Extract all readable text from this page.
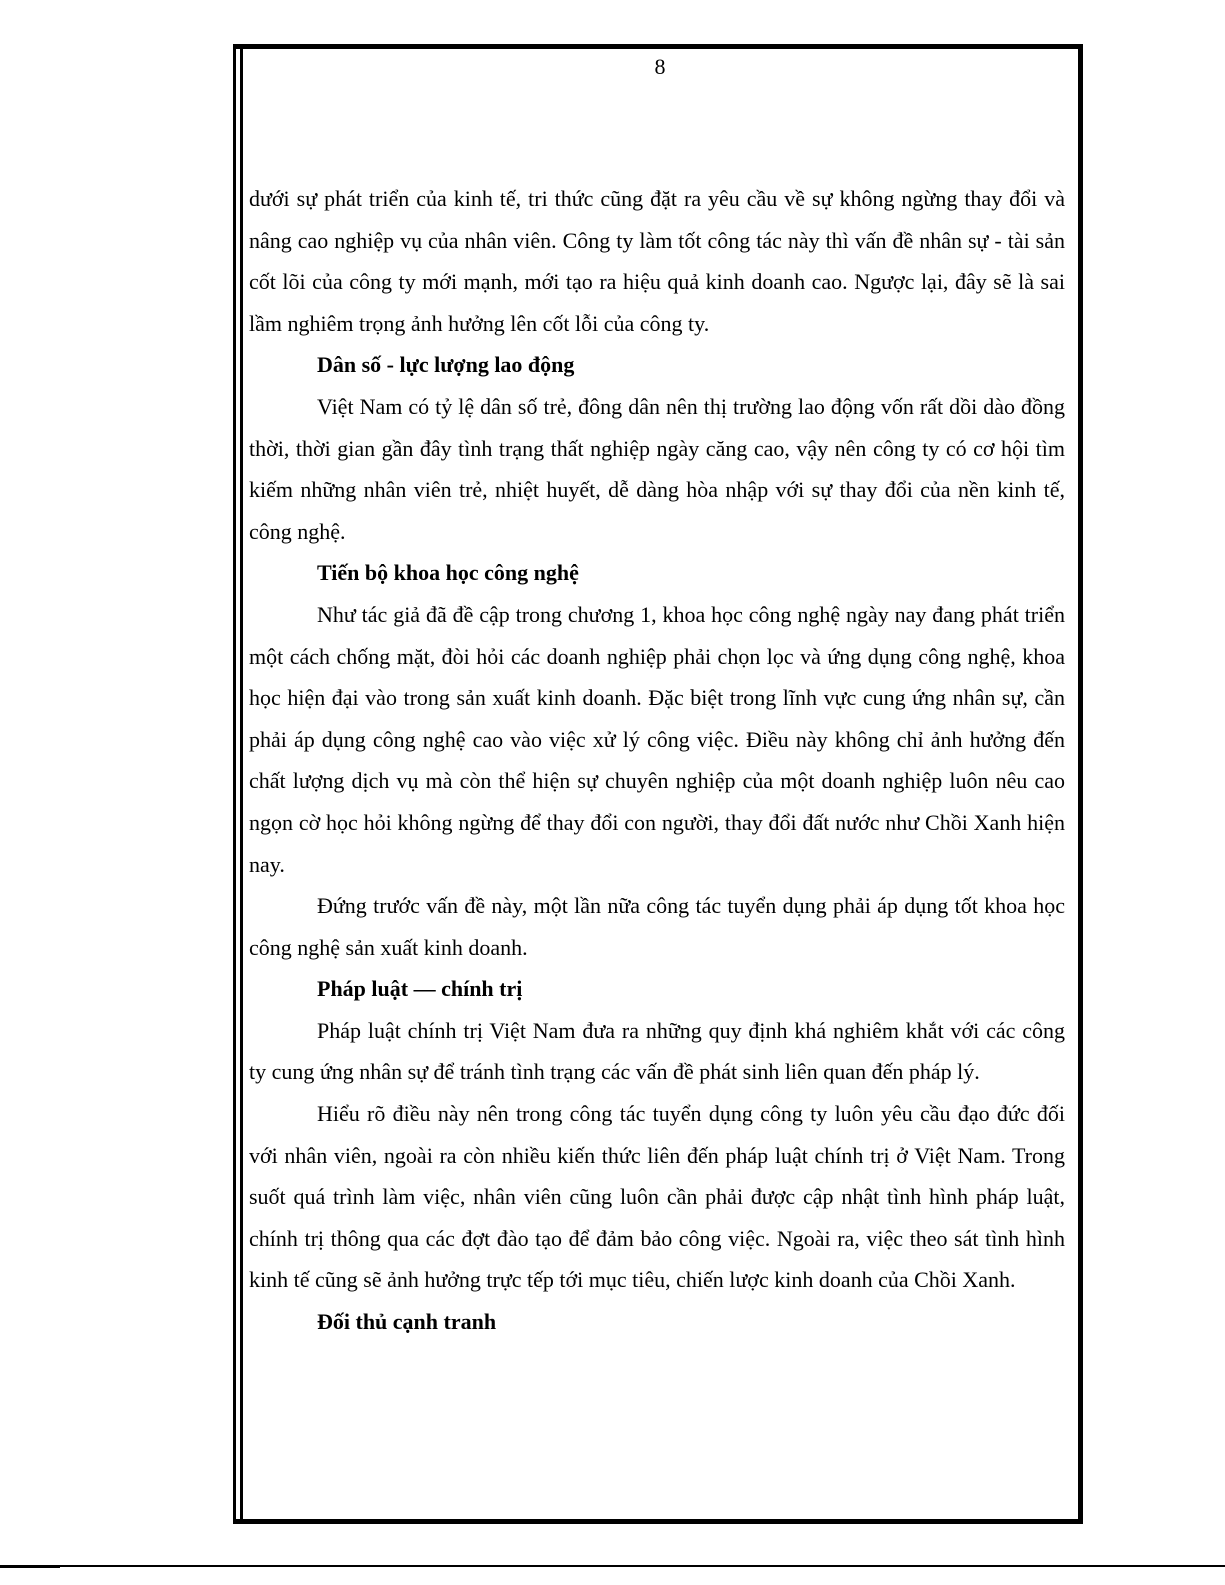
8

dưới sự phát triển của kinh tế, tri thức cũng đặt ra yêu cầu về sự không ngừng thay đổi và nâng cao nghiệp vụ của nhân viên. Công ty làm tốt công tác này thì vấn đề nhân sự - tài sản cốt lõi của công ty mới mạnh, mới tạo ra hiệu quả kinh doanh cao. Ngược lại, đây sẽ là sai lầm nghiêm trọng ảnh hưởng lên cốt lỗi của công ty.

Dân số - lực lượng lao động

Việt Nam có tỷ lệ dân số trẻ, đông dân nên thị trường lao động vốn rất dồi dào đồng thời, thời gian gần đây tình trạng thất nghiệp ngày căng cao, vậy nên công ty có cơ hội tìm kiếm những nhân viên trẻ, nhiệt huyết, dễ dàng hòa nhập với sự thay đổi của nền kinh tế, công nghệ.

Tiến bộ khoa học công nghệ

Như tác giả đã đề cập trong chương 1, khoa học công nghệ ngày nay đang phát triển một cách chống mặt, đòi hỏi các doanh nghiệp phải chọn lọc và ứng dụng công nghệ, khoa học hiện đại vào trong sản xuất kinh doanh. Đặc biệt trong lĩnh vực cung ứng nhân sự, cần phải áp dụng công nghệ cao vào việc xử lý công việc. Điều này không chỉ ảnh hưởng đến chất lượng dịch vụ mà còn thể hiện sự chuyên nghiệp của một doanh nghiệp luôn nêu cao ngọn cờ học hỏi không ngừng để thay đổi con người, thay đổi đất nước như Chồi Xanh hiện nay.

Đứng trước vấn đề này, một lần nữa công tác tuyển dụng phải áp dụng tốt khoa học công nghệ sản xuất kinh doanh.

Pháp luật — chính trị

Pháp luật chính trị Việt Nam đưa ra những quy định khá nghiêm khắt với các công ty cung ứng nhân sự để tránh tình trạng các vấn đề phát sinh liên quan đến pháp lý.

Hiểu rõ điều này nên trong công tác tuyển dụng công ty luôn yêu cầu đạo đức đối với nhân viên, ngoài ra còn nhiều kiến thức liên đến pháp luật chính trị ở Việt Nam. Trong suốt quá trình làm việc, nhân viên cũng luôn cần phải được cập nhật tình hình pháp luật, chính trị thông qua các đợt đào tạo để đảm bảo công việc. Ngoài ra, việc theo sát tình hình kinh tế cũng sẽ ảnh hưởng trực tếp tới mục tiêu, chiến lược kinh doanh của Chồi Xanh.

Đối thủ cạnh tranh
